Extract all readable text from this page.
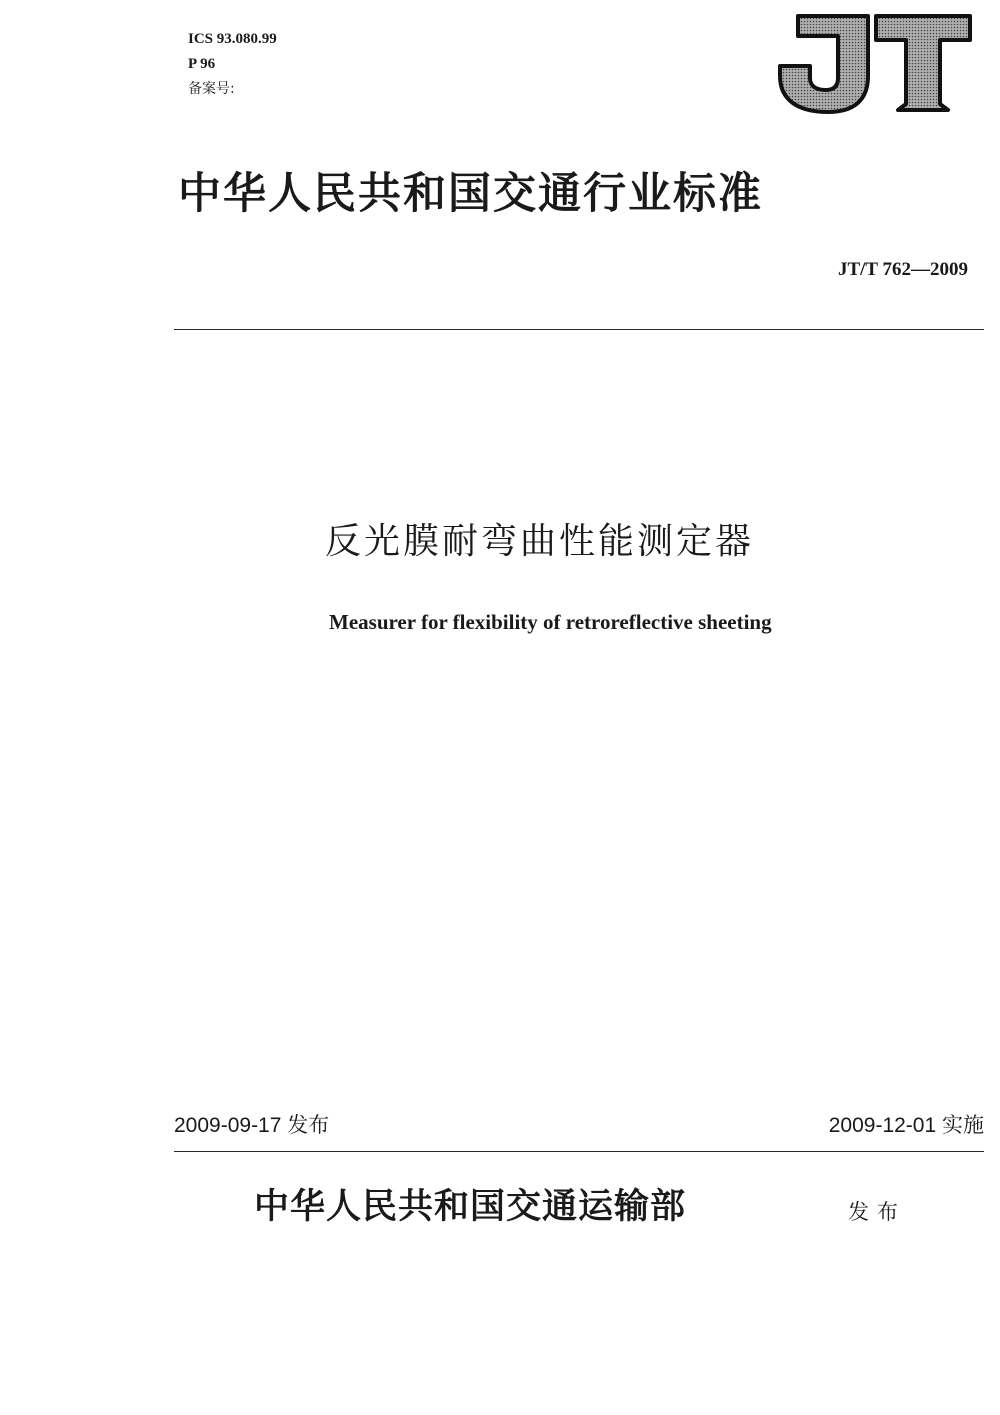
ICS 93.080.99
P 96
备案号:
中华人民共和国交通行业标准
JT/T 762—2009
反光膜耐弯曲性能测定器
Measurer for flexibility of retroreflective sheeting
2009-09-17 发布	2009-12-01 实施
中华人民共和国交通运输部	发布
